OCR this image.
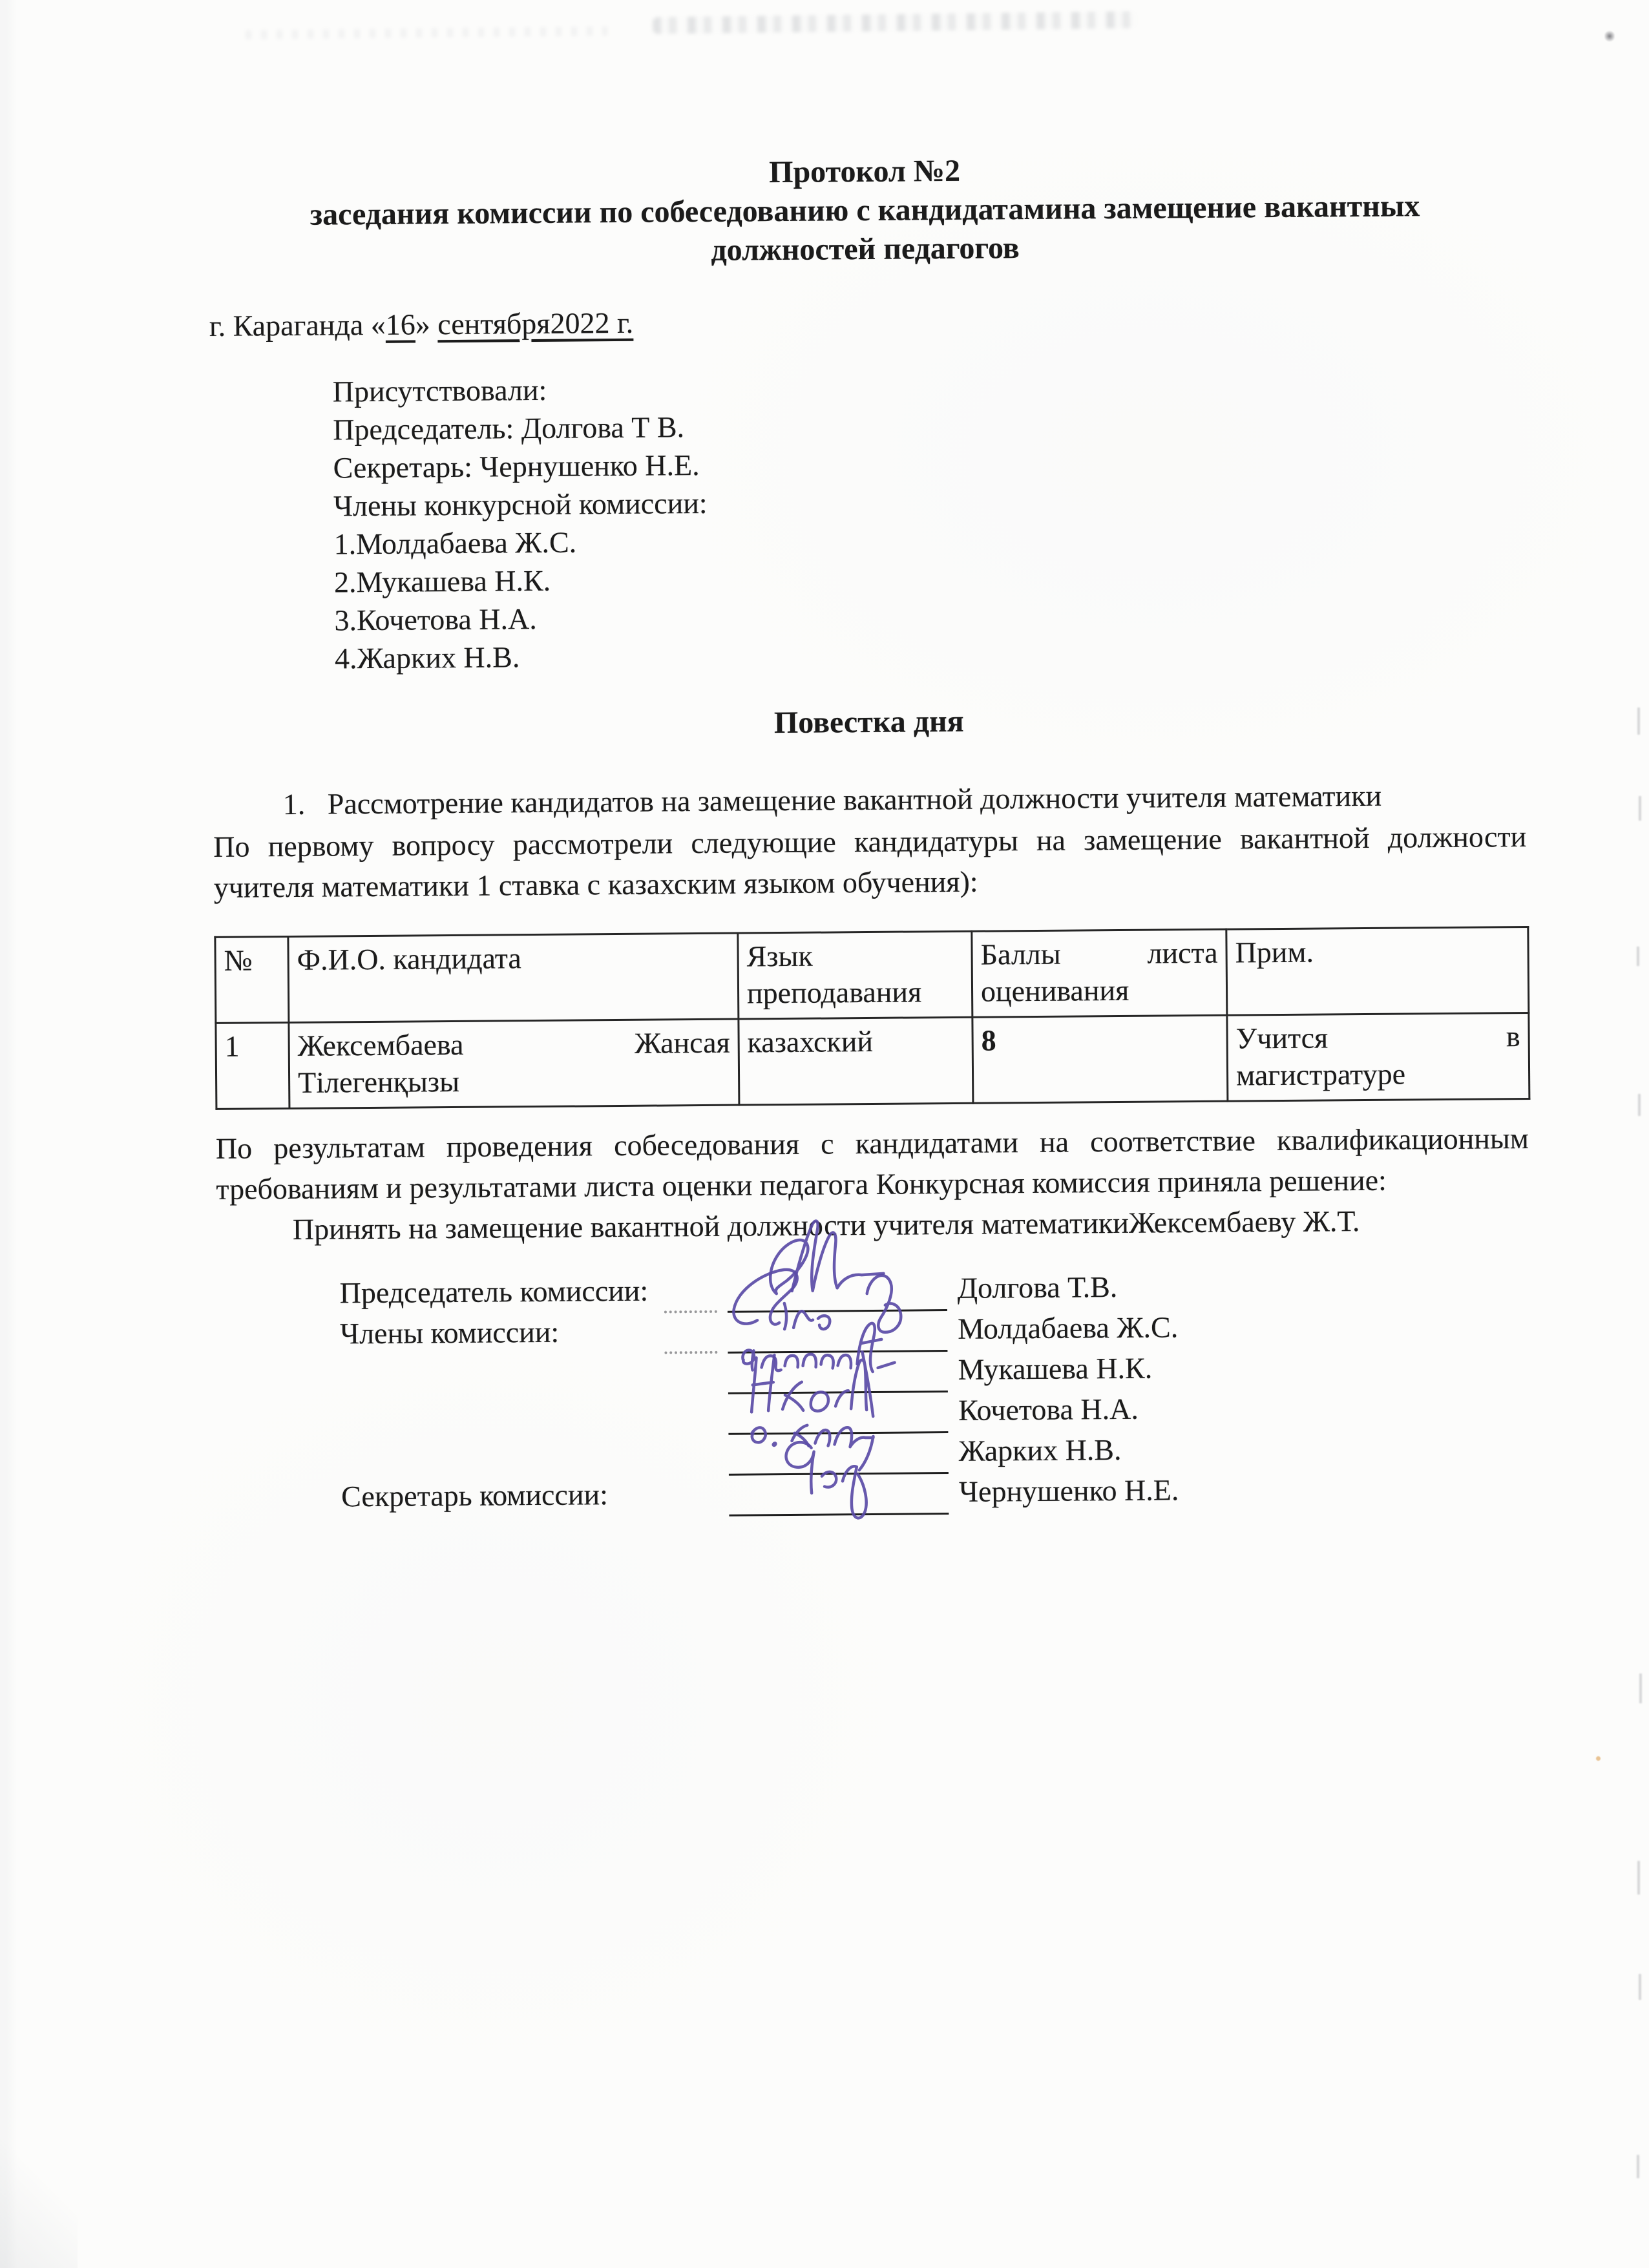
Протокол №2
заседания комиссии по собеседованию с кандидатамина замещение вакантных
должностей педагогов
г. Караганда «16» сентября2022 г.
Присутствовали:
Председатель: Долгова Т В.
Секретарь: Чернушенко Н.Е.
Члены конкурсной комиссии:
1.Молдабаева Ж.С.
2.Мукашева Н.К.
3.Кочетова Н.А.
4.Жарких Н.В.
Повестка дня
1.   Рассмотрение кандидатов на замещение вакантной должности учителя математики
По первому вопросу рассмотрели следующие кандидатуры на замещение вакантной должности учителя математики 1 ставка с казахским языком обучения):
№	Ф.И.О. кандидата	Язык преподавания	Баллы листа оценивания	Прим.
1	Жексембаева Жансая Тілегенқызы	казахский	8	Учится в магистратуре
По результатам проведения собеседования с кандидатами на соответствие квалификационным требованиям и результатами листа оценки педагога Конкурсная комиссия приняла решение:
Принять на замещение вакантной должности учителя математикиЖексембаеву Ж.Т.
Председатель комиссии:	Долгова Т.В.
Члены комиссии:	Молдабаева Ж.С.
Мукашева Н.К.
Кочетова Н.А.
Жарких Н.В.
Секретарь комиссии:	Чернушенко Н.Е.
